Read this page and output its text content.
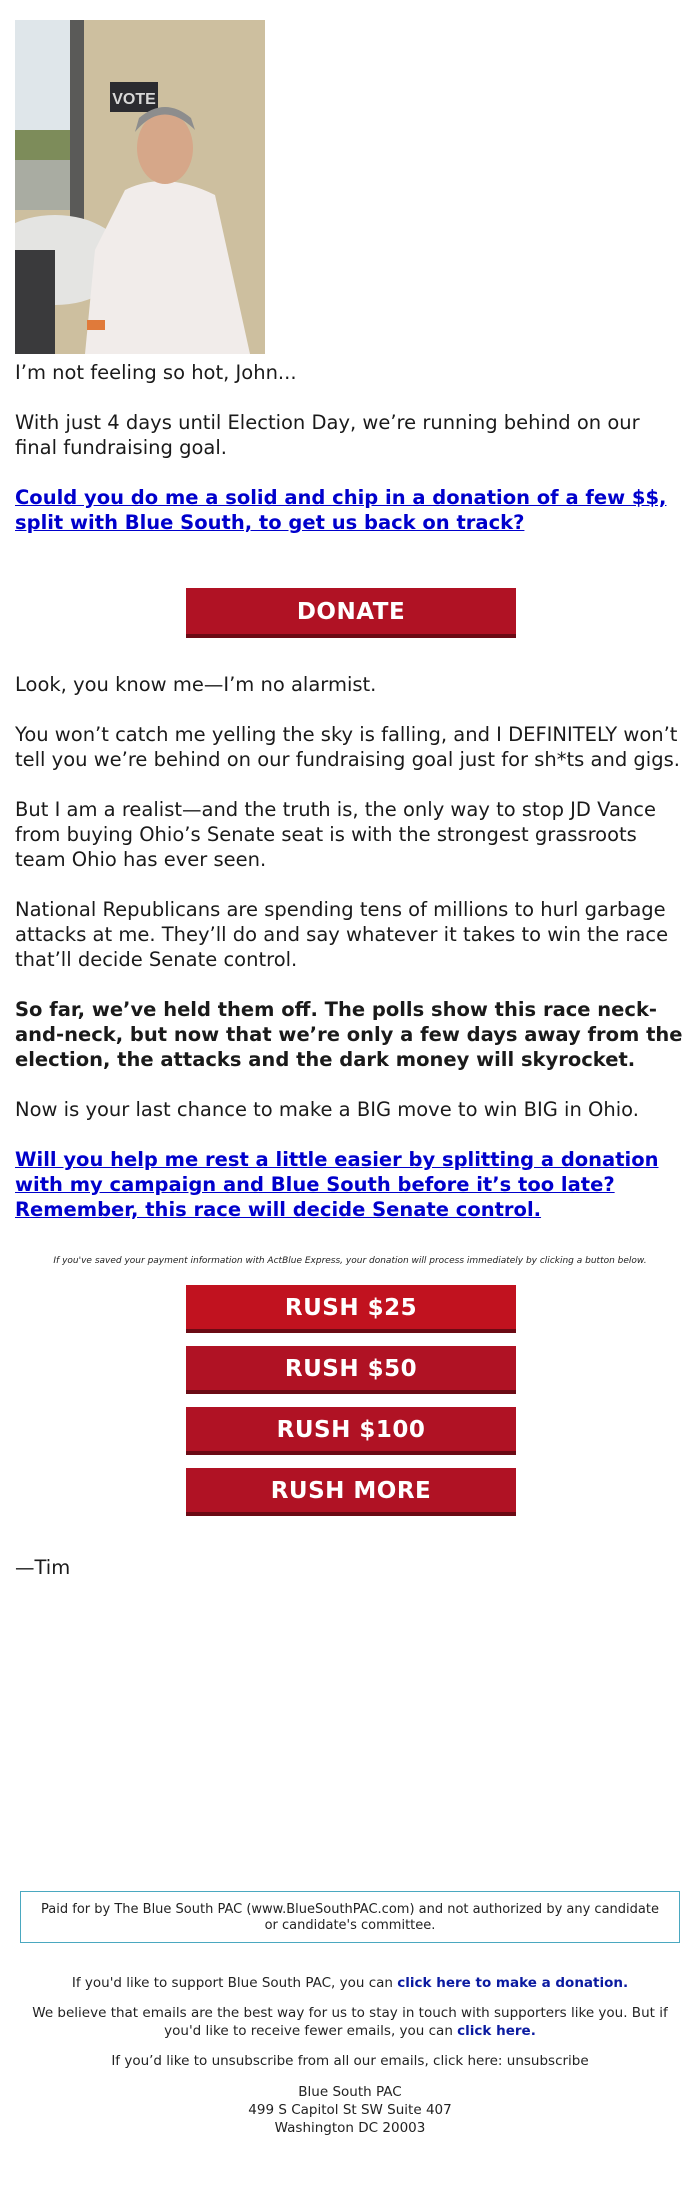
VOTE

I’m not feeling so hot, John...

With just 4 days until Election Day, we’re running behind on our final fundraising goal.

Could you do me a solid and chip in a donation of a few $$, split with Blue South, to get us back on track?

DONATE

Look, you know me—I’m no alarmist.

You won’t catch me yelling the sky is falling, and I DEFINITELY won’t tell you we’re behind on our fundraising goal just for sh*ts and gigs.

But I am a realist—and the truth is, the only way to stop JD Vance from buying Ohio’s Senate seat is with the strongest grassroots team Ohio has ever seen.

National Republicans are spending tens of millions to hurl garbage attacks at me. They’ll do and say whatever it takes to win the race that’ll decide Senate control.

So far, we’ve held them off. The polls show this race neck-and-neck, but now that we’re only a few days away from the election, the attacks and the dark money will skyrocket.

Now is your last chance to make a BIG move to win BIG in Ohio.

Will you help me rest a little easier by splitting a donation with my campaign and Blue South before it’s too late? Remember, this race will decide Senate control.

If you've saved your payment information with ActBlue Express, your donation will process immediately by clicking a button below.
RUSH $25
RUSH $50
RUSH $100
RUSH MORE

—Tim

Paid for by The Blue South PAC (www.BlueSouthPAC.com) and not authorized by any candidate or candidate's committee.
If you'd like to support Blue South PAC, you can click here to make a donation.
We believe that emails are the best way for us to stay in touch with supporters like you. But if you'd like to receive fewer emails, you can click here.
If you’d like to unsubscribe from all our emails, click here: unsubscribe
Blue South PAC
499 S Capitol St SW Suite 407
Washington DC 20003
